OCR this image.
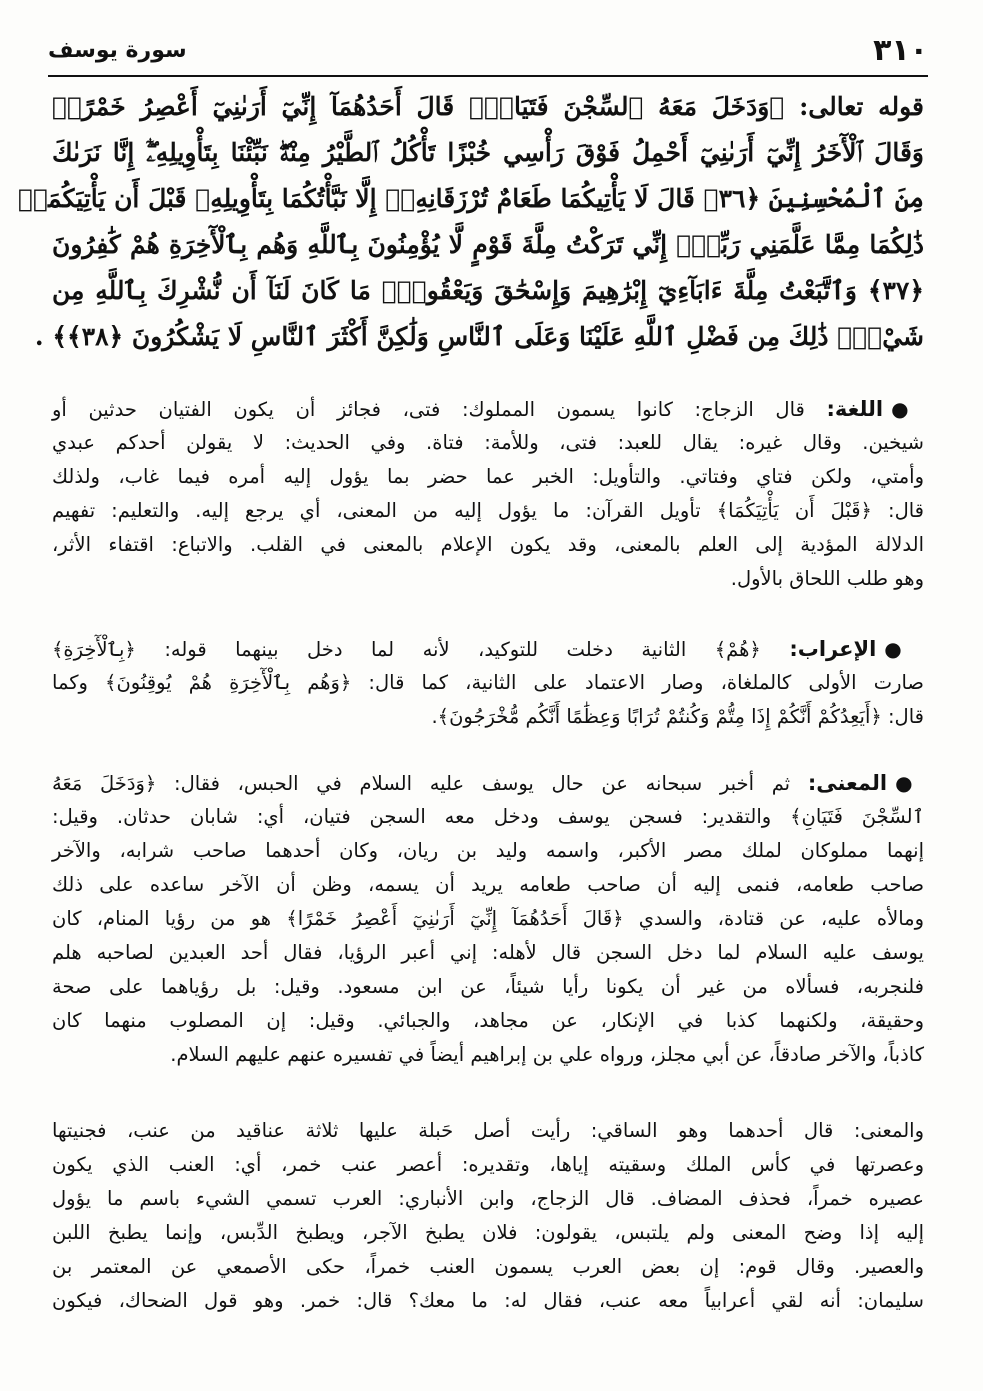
٣١٠
سورة يوسف
قوله تعالى: ﴿وَدَخَلَ مَعَهُ ٱلسِّجْنَ فَتَيَانِۖ قَالَ أَحَدُهُمَآ إِنِّيٓ أَرَىٰنِيٓ أَعْصِرُ خَمْرًاۖ
وَقَالَ ٱلْأٓخَرُ إِنِّيٓ أَرَىٰنِيٓ أَحْمِلُ فَوْقَ رَأْسِي خُبْزًا تَأْكُلُ ٱلطَّيْرُ مِنْهُۖ نَبِّئْنَا بِتَأْوِيلِهِۦٓۖ إِنَّا نَرَىٰكَ
مِنَ ٱلْمُحْسِنِينَ ﴿٣٦﴾ قَالَ لَا يَأْتِيكُمَا طَعَامٌ تُرْزَقَانِهِۦٓ إِلَّا نَبَّأْتُكُمَا بِتَأْوِيلِهِۦ قَبْلَ أَن يَأْتِيَكُمَاۚ
ذَٰلِكُمَا مِمَّا عَلَّمَنِي رَبِّيٓۚ إِنِّي تَرَكْتُ مِلَّةَ قَوْمٍ لَّا يُؤْمِنُونَ بِٱللَّهِ وَهُم بِٱلْأٓخِرَةِ هُمْ كَٰفِرُونَ
﴿٣٧﴾ وَٱتَّبَعْتُ مِلَّةَ ءَابَآءِيٓ إِبْرَٰهِيمَ وَإِسْحَٰقَ وَيَعْقُوبَۚ مَا كَانَ لَنَآ أَن نُّشْرِكَ بِٱللَّهِ مِن
شَيْءٍۚ ذَٰلِكَ مِن فَضْلِ ٱللَّهِ عَلَيْنَا وَعَلَى ٱلنَّاسِ وَلَٰكِنَّ أَكْثَرَ ٱلنَّاسِ لَا يَشْكُرُونَ ﴿٣٨﴾﴾ .
●اللغة: قال الزجاج: كانوا يسمون المملوك: فتى، فجائز أن يكون الفتيان حدثين أو
شيخين. وقال غيره: يقال للعبد: فتى، وللأمة: فتاة. وفي الحديث: لا يقولن أحدكم عبدي
وأمتي، ولكن فتاي وفتاتي. والتأويل: الخبر عما حضر بما يؤول إليه أمره فيما غاب، ولذلك
قال: ﴿قَبْلَ أَن يَأْتِيَكُمَا﴾ تأويل القرآن: ما يؤول إليه من المعنى، أي يرجع إليه. والتعليم: تفهيم
الدلالة المؤدية إلى العلم بالمعنى، وقد يكون الإعلام بالمعنى في القلب. والاتباع: اقتفاء الأثر،
وهو طلب اللحاق بالأول.
●الإعراب: ﴿هُمْ﴾ الثانية دخلت للتوكيد، لأنه لما دخل بينهما قوله: ﴿بِٱلْأٓخِرَةِ﴾
صارت الأولى كالملغاة، وصار الاعتماد على الثانية، كما قال: ﴿وَهُم بِٱلْأٓخِرَةِ هُمْ يُوقِنُونَ﴾ وكما
قال: ﴿أَيَعِدُكُمْ أَنَّكُمْ إِذَا مِتُّمْ وَكُنتُمْ تُرَابًا وَعِظَٰمًا أَنَّكُم مُّخْرَجُونَ﴾.
●المعنى: ثم أخبر سبحانه عن حال يوسف عليه السلام في الحبس، فقال: ﴿وَدَخَلَ مَعَهُ
ٱلسِّجْنَ فَتَيَانِ﴾ والتقدير: فسجن يوسف ودخل معه السجن فتيان، أي: شابان حدثان. وقيل:
إنهما مملوكان لملك مصر الأكبر، واسمه وليد بن ريان، وكان أحدهما صاحب شرابه، والآخر
صاحب طعامه، فنمى إليه أن صاحب طعامه يريد أن يسمه، وظن أن الآخر ساعده على ذلك
ومالأه عليه، عن قتادة، والسدي ﴿قَالَ أَحَدُهُمَآ إِنِّيٓ أَرَىٰنِيٓ أَعْصِرُ خَمْرًا﴾ هو من رؤيا المنام، كان
يوسف عليه السلام لما دخل السجن قال لأهله: إني أعبر الرؤيا، فقال أحد العبدين لصاحبه هلم
فلنجربه، فسألاه من غير أن يكونا رأيا شيئاً، عن ابن مسعود. وقيل: بل رؤياهما على صحة
وحقيقة، ولكنهما كذبا في الإنكار، عن مجاهد، والجبائي. وقيل: إن المصلوب منهما كان
كاذباً، والآخر صادقاً، عن أبي مجلز، ورواه علي بن إبراهيم أيضاً في تفسيره عنهم عليهم السلام.
والمعنى: قال أحدهما وهو الساقي: رأيت أصل حَبلة عليها ثلاثة عناقيد من عنب، فجنيتها
وعصرتها في كأس الملك وسقيته إياها، وتقديره: أعصر عنب خمر، أي: العنب الذي يكون
عصيره خمراً، فحذف المضاف. قال الزجاج، وابن الأنباري: العرب تسمي الشيء باسم ما يؤول
إليه إذا وضح المعنى ولم يلتبس، يقولون: فلان يطبخ الآجر، ويطبخ الدِّبس، وإنما يطبخ اللبن
والعصير. وقال قوم: إن بعض العرب يسمون العنب خمراً، حكى الأصمعي عن المعتمر بن
سليمان: أنه لقي أعرابياً معه عنب، فقال له: ما معك؟ قال: خمر. وهو قول الضحاك، فيكون
